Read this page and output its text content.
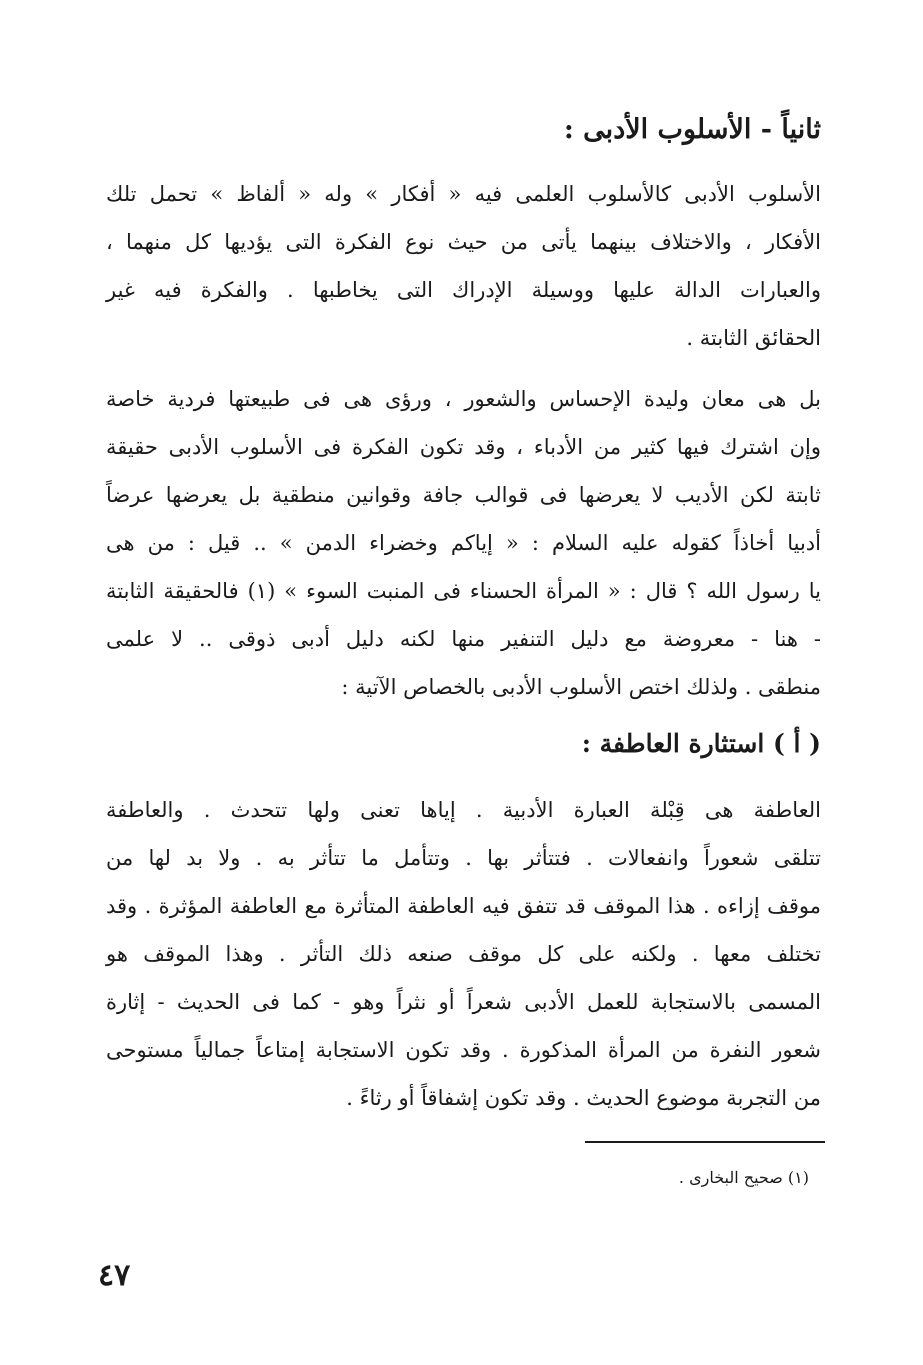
ثانياً - الأسلوب الأدبى :
الأسلوب الأدبى كالأسلوب العلمى فيه « أفكار » وله « ألفاظ » تحمل تلك
الأفكار ، والاختلاف بينهما يأتى من حيث نوع الفكرة التى يؤديها كل منهما ،
والعبارات الدالة عليها ووسيلة الإدراك التى يخاطبها . والفكرة فيه غير
الحقائق الثابتة .
بل هى معان وليدة الإحساس والشعور ، ورؤى هى فى طبيعتها فردية خاصة
وإن اشترك فيها كثير من الأدباء ، وقد تكون الفكرة فى الأسلوب الأدبى حقيقة
ثابتة لكن الأديب لا يعرضها فى قوالب جافة وقوانين منطقية بل يعرضها عرضاً
أدبيا أخاذاً كقوله عليه السلام : « إياكم وخضراء الدمن » .. قيل : من هى
يا رسول الله ؟ قال : « المرأة الحسناء فى المنبت السوء » (١) فالحقيقة الثابتة
- هنا - معروضة مع دليل التنفير منها لكنه دليل أدبى ذوقى .. لا علمى
منطقى . ولذلك اختص الأسلوب الأدبى بالخصاص الآتية :
( أ ) استثارة العاطفة :
العاطفة هى قِبْلة العبارة الأدبية . إياها تعنى ولها تتحدث . والعاطفة
تتلقى شعوراً وانفعالات . فتتأثر بها . وتتأمل ما تتأثر به . ولا بد لها من
موقف إزاءه . هذا الموقف قد تتفق فيه العاطفة المتأثرة مع العاطفة المؤثرة . وقد
تختلف معها . ولكنه على كل موقف صنعه ذلك التأثر . وهذا الموقف هو
المسمى بالاستجابة للعمل الأدبى شعراً أو نثراً وهو - كما فى الحديث - إثارة
شعور النفرة من المرأة المذكورة . وقد تكون الاستجابة إمتاعاً جمالياً مستوحى
من التجربة موضوع الحديث . وقد تكون إشفاقاً أو رثاءً .
(١) صحيح البخارى .
٤٧
